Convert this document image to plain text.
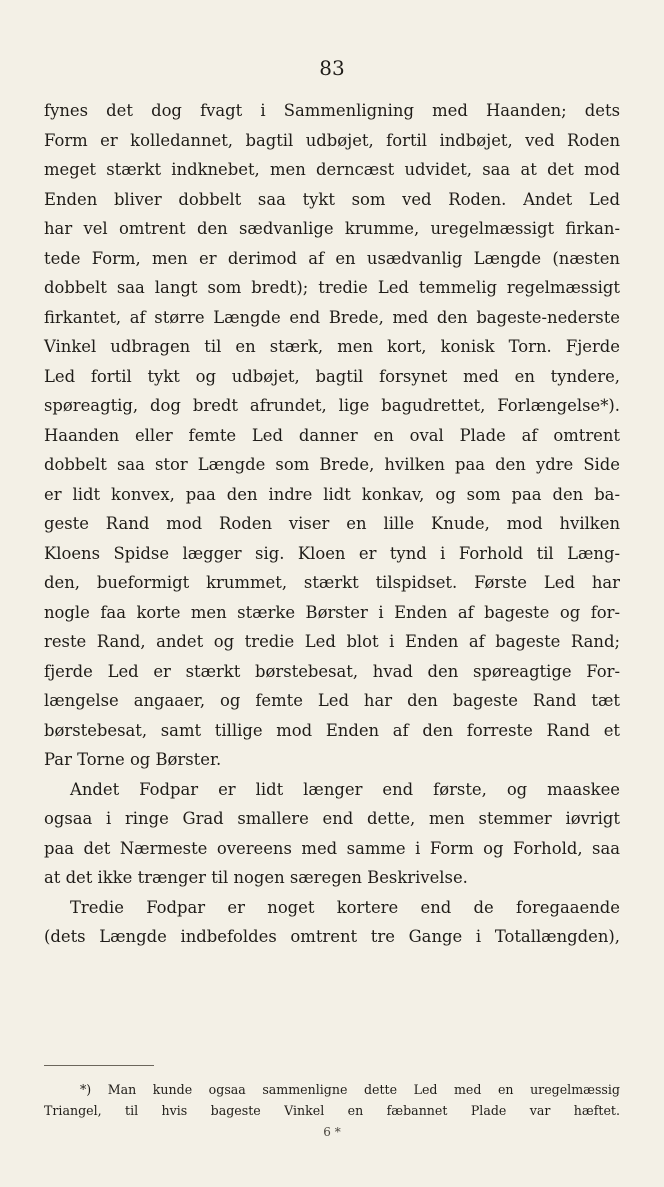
83
fynes det dog fvagt i Sammenligning med Haanden; dets
Form er kolledannet, bagtil udbøjet, fortil indbøjet, ved Roden
meget stærkt indknebet, men derncæst udvidet, saa at det mod
Enden bliver dobbelt saa tykt som ved Roden. Andet Led
har vel omtrent den sædvanlige krumme, uregelmæssigt firkan-
tede Form, men er derimod af en usædvanlig Længde (næsten
dobbelt saa langt som bredt); tredie Led temmelig regelmæssigt
firkantet, af større Længde end Brede, med den bageste-nederste
Vinkel udbragen til en stærk, men kort, konisk Torn. Fjerde
Led fortil tykt og udbøjet, bagtil forsynet med en tyndere,
spøreagtig, dog bredt afrundet, lige bagudrettet, Forlængelse*).
Haanden eller femte Led danner en oval Plade af omtrent
dobbelt saa stor Længde som Brede, hvilken paa den ydre Side
er lidt konvex, paa den indre lidt konkav, og som paa den ba-
geste Rand mod Roden viser en lille Knude, mod hvilken
Kloens Spidse lægger sig. Kloen er tynd i Forhold til Læng-
den, bueformigt krummet, stærkt tilspidset. Første Led har
nogle faa korte men stærke Børster i Enden af bageste og for-
reste Rand, andet og tredie Led blot i Enden af bageste Rand;
fjerde Led er stærkt børstebesat, hvad den spøreagtige For-
længelse angaaer, og femte Led har den bageste Rand tæt
børstebesat, samt tillige mod Enden af den forreste Rand et
Par Torne og Børster.
Andet Fodpar er lidt længer end første, og maaskee
ogsaa i ringe Grad smallere end dette, men stemmer iøvrigt
paa det Nærmeste overeens med samme i Form og Forhold, saa
at det ikke trænger til nogen særegen Beskrivelse.
Tredie Fodpar er noget kortere end de foregaaende
(dets Længde indbefoldes omtrent tre Gange i Totallængden),
*) Man kunde ogsaa sammenligne dette Led med en uregelmæssig
Triangel, til hvis bageste Vinkel en fæbannet Plade var hæftet.
6 *
